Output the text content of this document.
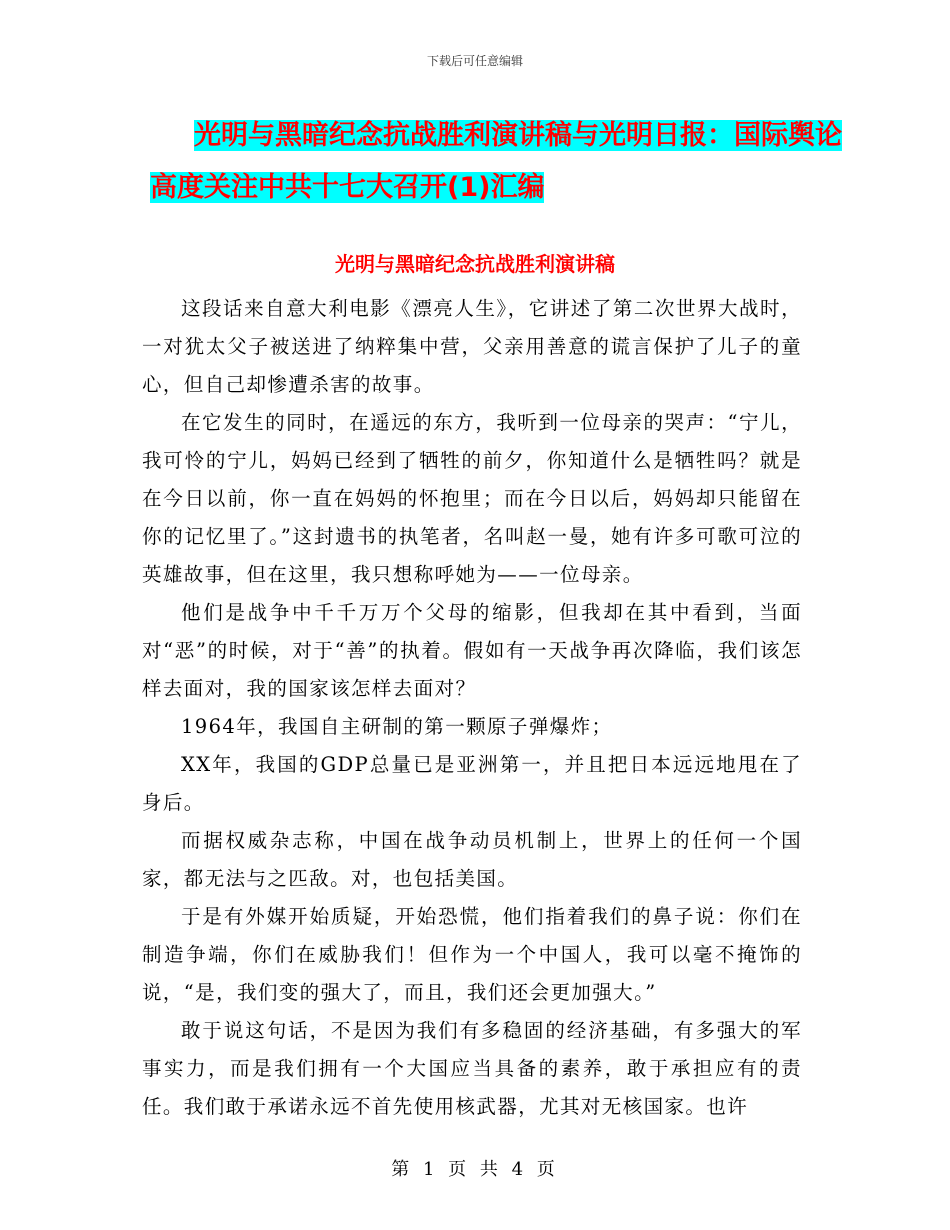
下载后可任意编辑
光明与黑暗纪念抗战胜利演讲稿与光明日报：国际舆论高度关注中共十七大召开(1)汇编
光明与黑暗纪念抗战胜利演讲稿

这段话来自意大利电影《漂亮人生》，它讲述了第二次世界大战时，一对犹太父子被送进了纳粹集中营，父亲用善意的谎言保护了儿子的童心，但自己却惨遭杀害的故事。

在它发生的同时，在遥远的东方，我听到一位母亲的哭声：“宁儿，我可怜的宁儿，妈妈已经到了牺牲的前夕，你知道什么是牺牲吗？就是在今日以前，你一直在妈妈的怀抱里；而在今日以后，妈妈却只能留在你的记忆里了。”这封遗书的执笔者，名叫赵一曼，她有许多可歌可泣的英雄故事，但在这里，我只想称呼她为——一位母亲。

他们是战争中千千万万个父母的缩影，但我却在其中看到，当面对“恶”的时候，对于“善”的执着。假如有一天战争再次降临，我们该怎样去面对，我的国家该怎样去面对？

1964年，我国自主研制的第一颗原子弹爆炸；

XX年，我国的GDP总量已是亚洲第一，并且把日本远远地甩在了身后。

而据权威杂志称，中国在战争动员机制上，世界上的任何一个国家，都无法与之匹敌。对，也包括美国。

于是有外媒开始质疑，开始恐慌，他们指着我们的鼻子说：你们在制造争端，你们在威胁我们！但作为一个中国人，我可以毫不掩饰的说，“是，我们变的强大了，而且，我们还会更加强大。”

敢于说这句话，不是因为我们有多稳固的经济基础，有多强大的军事实力，而是我们拥有一个大国应当具备的素养，敢于承担应有的责任。我们敢于承诺永远不首先使用核武器，尤其对无核国家。也许

第 1 页 共 4 页
